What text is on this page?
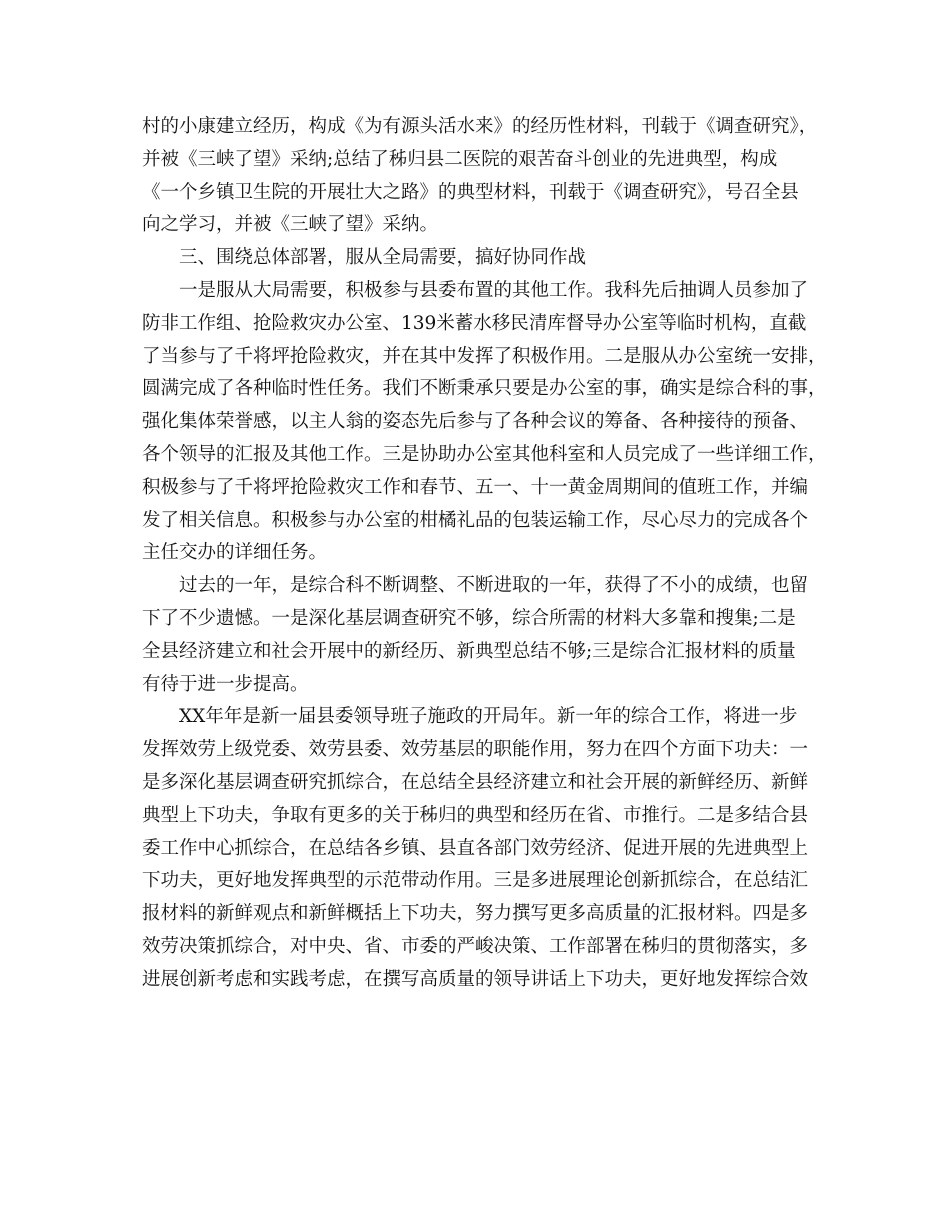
村的小康建立经历，构成《为有源头活水来》的经历性材料，刊载于《调查研究》，
并被《三峡了望》采纳;总结了秭归县二医院的艰苦奋斗创业的先进典型，构成
《一个乡镇卫生院的开展壮大之路》的典型材料，刊载于《调查研究》，号召全县
向之学习，并被《三峡了望》采纳。
三、围绕总体部署，服从全局需要，搞好协同作战
一是服从大局需要，积极参与县委布置的其他工作。我科先后抽调人员参加了
防非工作组、抢险救灾办公室、139米蓄水移民清库督导办公室等临时机构，直截
了当参与了千将坪抢险救灾，并在其中发挥了积极作用。二是服从办公室统一安排，
圆满完成了各种临时性任务。我们不断秉承只要是办公室的事，确实是综合科的事，
强化集体荣誉感，以主人翁的姿态先后参与了各种会议的筹备、各种接待的预备、
各个领导的汇报及其他工作。三是协助办公室其他科室和人员完成了一些详细工作，
积极参与了千将坪抢险救灾工作和春节、五一、十一黄金周期间的值班工作，并编
发了相关信息。积极参与办公室的柑橘礼品的包装运输工作，尽心尽力的完成各个
主任交办的详细任务。
过去的一年，是综合科不断调整、不断进取的一年，获得了不小的成绩，也留
下了不少遗憾。一是深化基层调查研究不够，综合所需的材料大多靠和搜集;二是
全县经济建立和社会开展中的新经历、新典型总结不够;三是综合汇报材料的质量
有待于进一步提高。
XX年年是新一届县委领导班子施政的开局年。新一年的综合工作，将进一步
发挥效劳上级党委、效劳县委、效劳基层的职能作用，努力在四个方面下功夫：一
是多深化基层调查研究抓综合，在总结全县经济建立和社会开展的新鲜经历、新鲜
典型上下功夫，争取有更多的关于秭归的典型和经历在省、市推行。二是多结合县
委工作中心抓综合，在总结各乡镇、县直各部门效劳经济、促进开展的先进典型上
下功夫，更好地发挥典型的示范带动作用。三是多进展理论创新抓综合，在总结汇
报材料的新鲜观点和新鲜概括上下功夫，努力撰写更多高质量的汇报材料。四是多
效劳决策抓综合，对中央、省、市委的严峻决策、工作部署在秭归的贯彻落实，多
进展创新考虑和实践考虑，在撰写高质量的领导讲话上下功夫，更好地发挥综合效
